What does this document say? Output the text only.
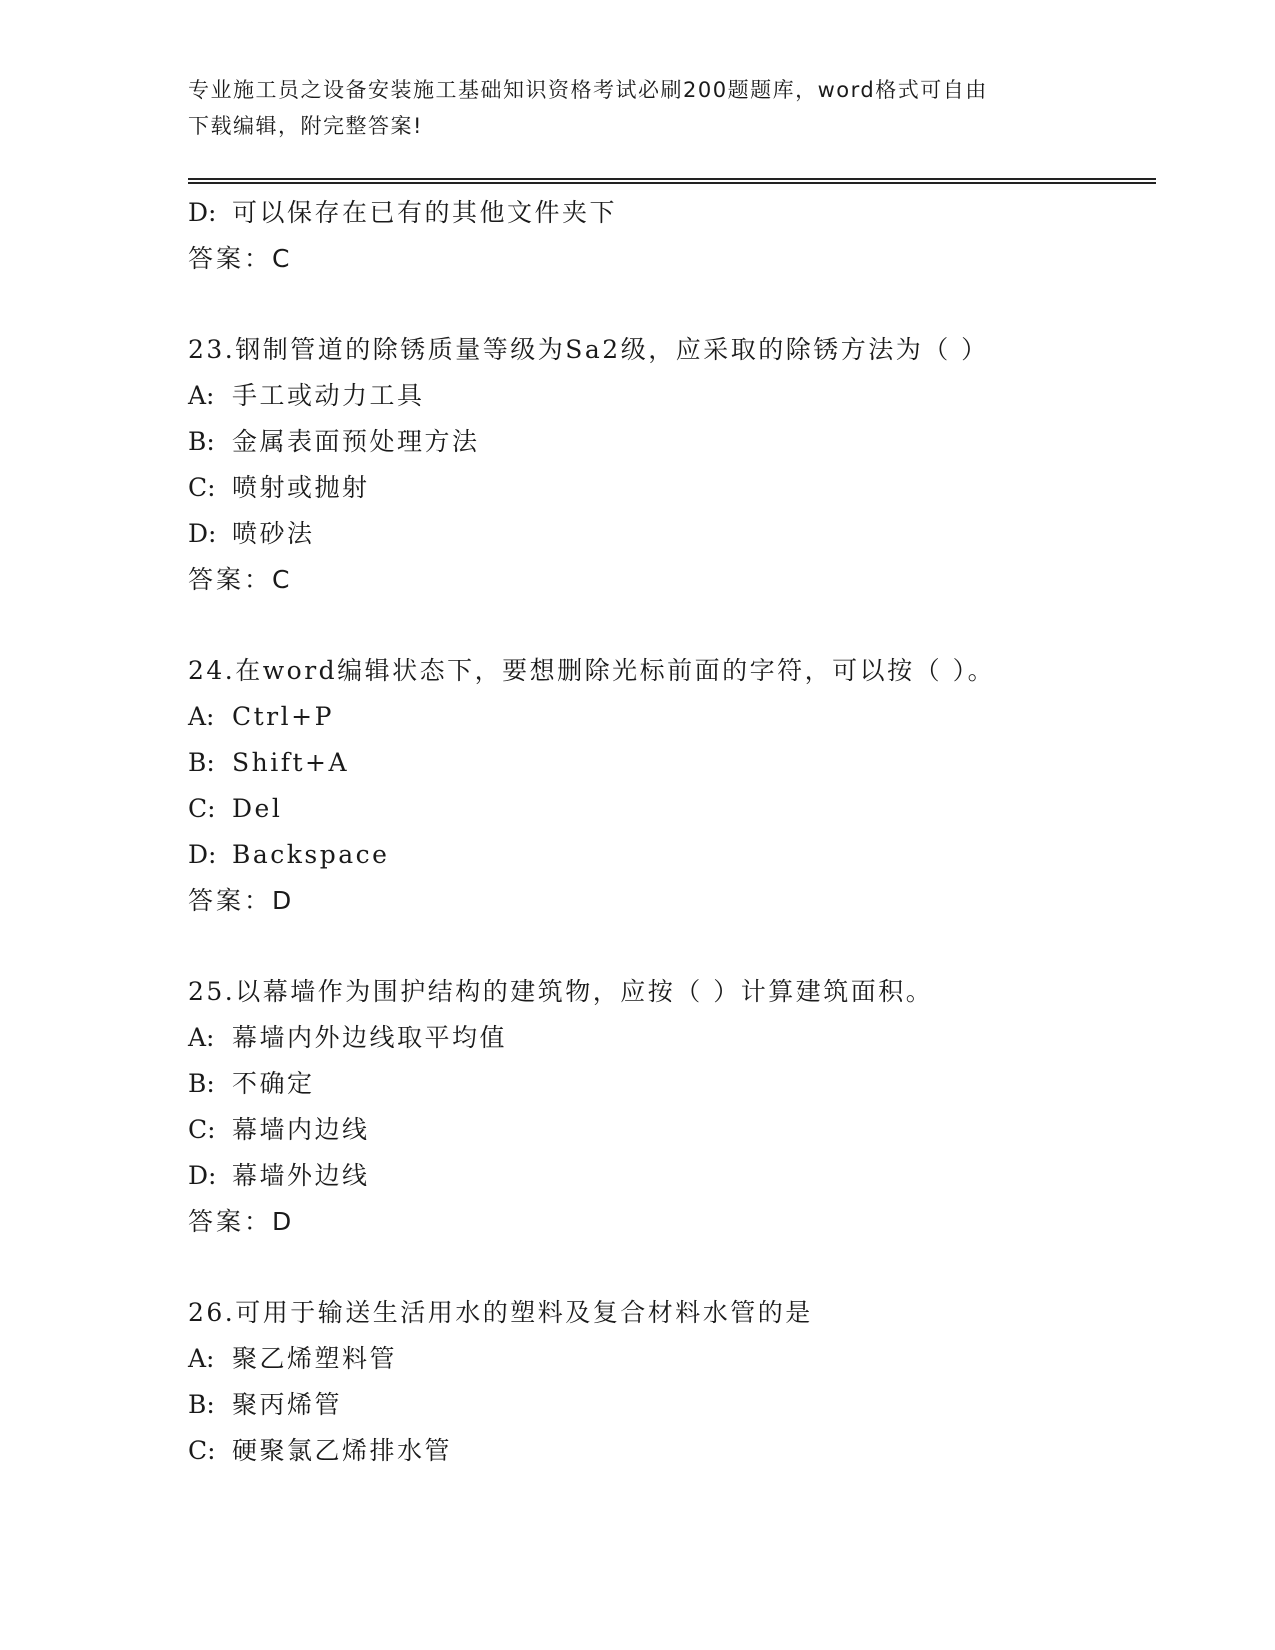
专业施工员之设备安装施工基础知识资格考试必刷200题题库，word格式可自由
下载编辑，附完整答案!
D: 可以保存在已有的其他文件夹下
答案：C
23.钢制管道的除锈质量等级为Sa2级，应采取的除锈方法为（ ）
A: 手工或动力工具
B: 金属表面预处理方法
C: 喷射或抛射
D: 喷砂法
答案：C
24.在word编辑状态下，要想删除光标前面的字符，可以按（ ）。
A: Ctrl+P
B: Shift+A
C: Del
D: Backspace
答案：D
25.以幕墙作为围护结构的建筑物，应按（ ）计算建筑面积。
A: 幕墙内外边线取平均值
B: 不确定
C: 幕墙内边线
D: 幕墙外边线
答案：D
26.可用于输送生活用水的塑料及复合材料水管的是
A: 聚乙烯塑料管
B: 聚丙烯管
C: 硬聚氯乙烯排水管
